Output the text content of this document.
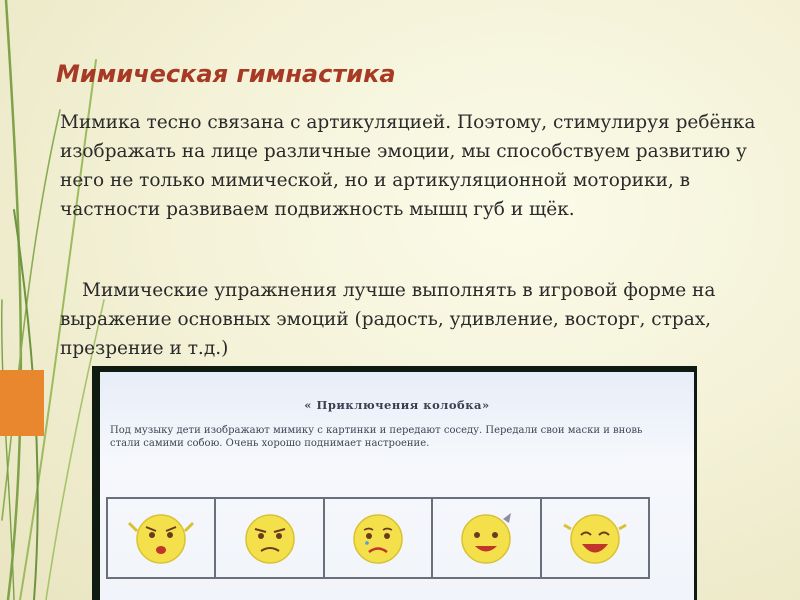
Мимическая гимнастика

Мимика тесно связана с артикуляцией. Поэтому, стимулируя ребёнка изображать на лице различные эмоции, мы способствуем развитию у него не только мимической, но и артикуляционной моторики, в частности развиваем подвижность мышц губ и щёк.

Мимические упражнения лучше выполнять в игровой форме на выражение основных эмоций (радость, удивление, восторг, страх, презрение и т.д.)

« Приключения колобка»

Под музыку дети изображают мимику с картинки и передают соседу. Передали свои маски и вновь стали самими собою. Очень хорошо поднимает настроение.
